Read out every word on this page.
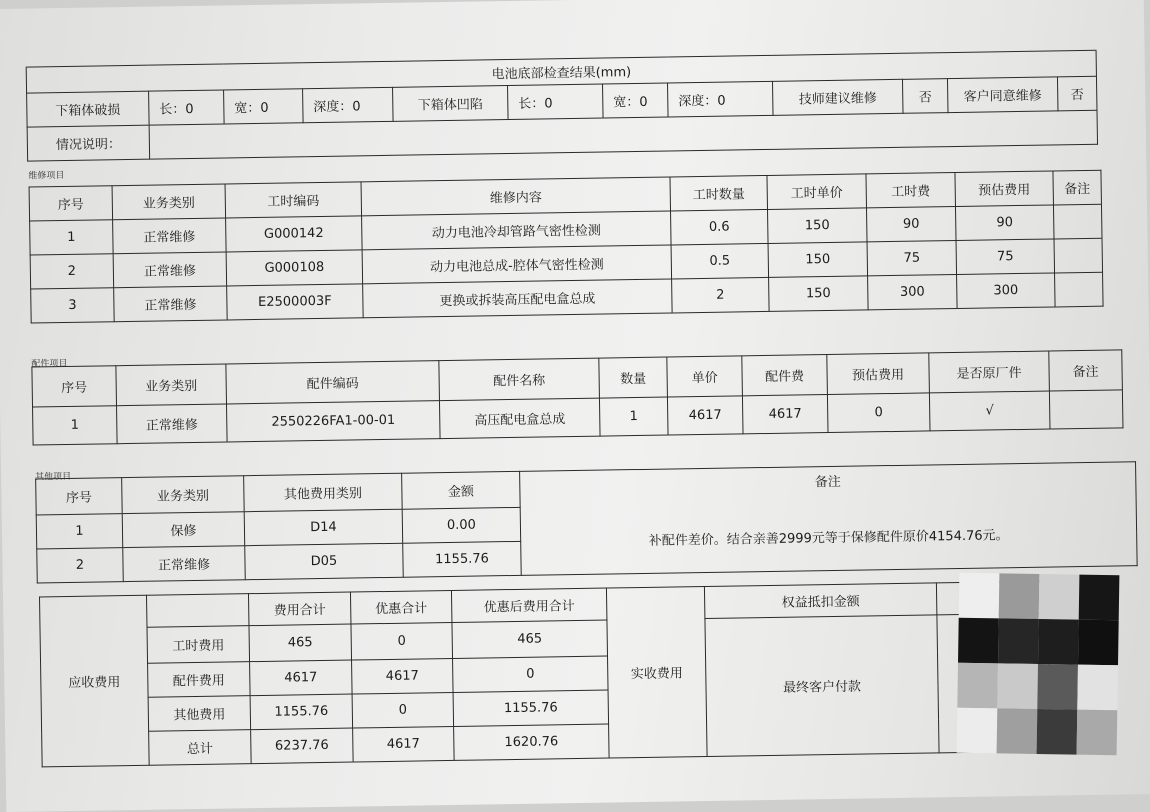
电池底部检查结果(mm)											
下箱体破损	长：0	宽：0	深度：0	下箱体凹陷	长：0	宽：0	深度：0	技师建议维修	否	客户同意维修	否
情况说明：											
维修项目
序号	业务类别	工时编码	维修内容	工时数量	工时单价	工时费	预估费用	备注
1	正常维修	G000142	动力电池冷却管路气密性检测	0.6	150	90	90	
2	正常维修	G000108	动力电池总成-腔体气密性检测	0.5	150	75	75	
3	正常维修	E2500003F	更换或拆装高压配电盒总成	2	150	300	300	
配件项目
序号	业务类别	配件编码	配件名称	数量	单价	配件费	预估费用	是否原厂件	备注
1	正常维修	2550226FA1-00-01	高压配电盒总成	1	4617	4617	0	√	
其他项目
序号	业务类别	其他费用类别	金额	备注
1	保修	D14	0.00	补配件差价。结合亲善2999元等于保修配件原价4154.76元。
2	正常维修	D05	1155.76	
应收费用		费用合计	优惠合计	优惠后费用合计	实收费用	权益抵扣金额		
	工时费用	465	0	465		最终客户付款	
	配件费用	4617	4617	0				
	其他费用	1155.76	0	1155.76				
	总计	6237.76	4617	1620.76				
